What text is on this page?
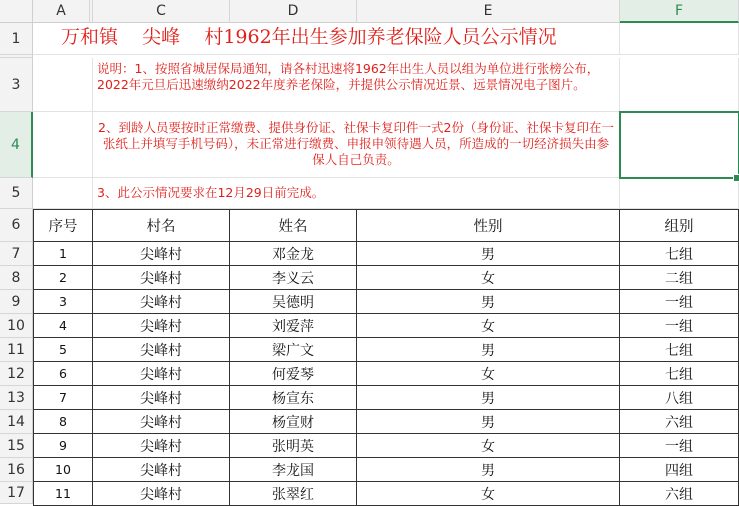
A	C	D	E	F
1
3
4
5
6
7
8
9
10
11
12
13
14
15
16
17
万和镇    尖峰    村1962年出生参加养老保险人员公示情况
说明：1、按照省城居保局通知，请各村迅速将1962年出生人员以组为单位进行张榜公布，2022年元旦后迅速缴纳2022年度养老保险，并提供公示情况近景、远景情况电子图片。
2、到龄人员要按时正常缴费、提供身份证、社保卡复印件一式2份（身份证、社保卡复印在一张纸上并填写手机号码），未正常进行缴费、申报申领待遇人员，所造成的一切经济损失由参保人自己负责。
3、此公示情况要求在12月29日前完成。
序号	村名	姓名	性别	组别
1	尖峰村	邓金龙	男	七组
2	尖峰村	李义云	女	二组
3	尖峰村	吴德明	男	一组
4	尖峰村	刘爱萍	女	一组
5	尖峰村	梁广文	男	七组
6	尖峰村	何爱琴	女	七组
7	尖峰村	杨宣东	男	八组
8	尖峰村	杨宣财	男	六组
9	尖峰村	张明英	女	一组
10	尖峰村	李龙国	男	四组
11	尖峰村	张翠红	女	六组
